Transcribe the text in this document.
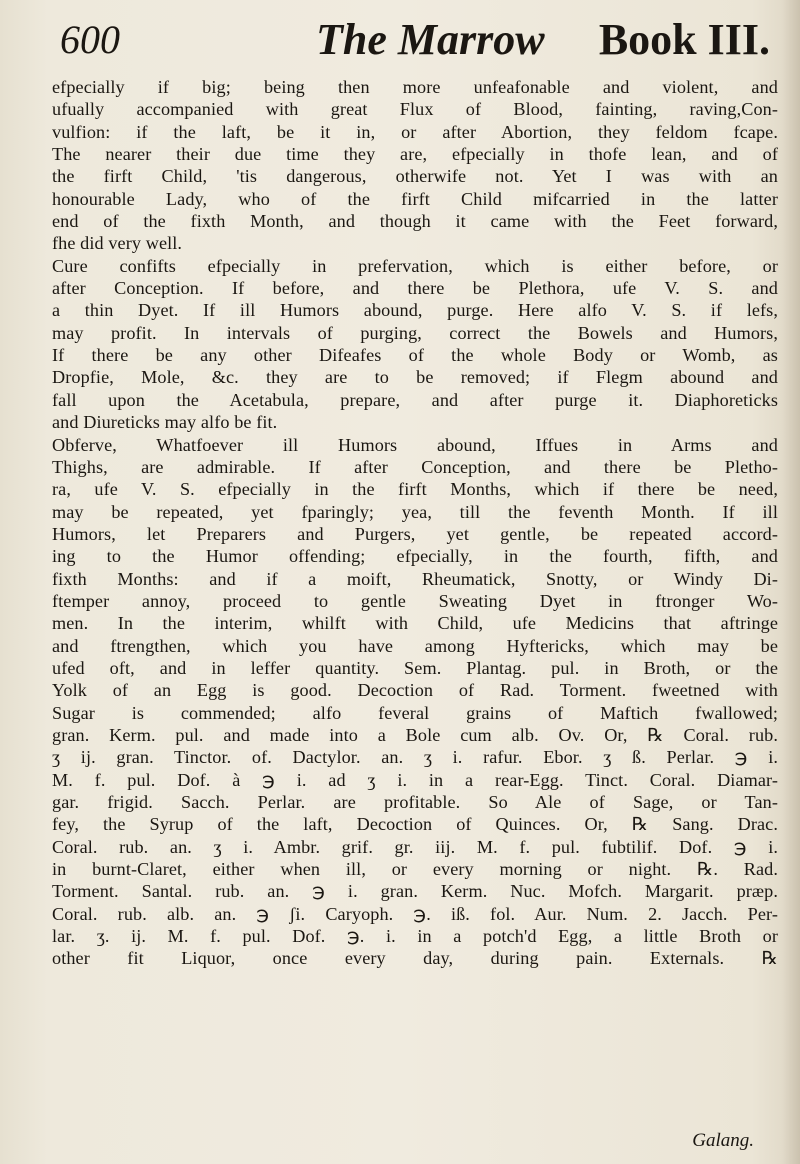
600	The Marrow Book III.
efpecially if big; being then more unfeafonable and violent, and
ufually accompanied with great Flux of Blood, fainting, raving,Con-
vulfion: if the laft, be it in, or after Abortion, they feldom fcape.
The nearer their due time they are, efpecially in thofe lean, and of
the firft Child, 'tis dangerous, otherwife not. Yet I was with an
honourable Lady, who of the firft Child mifcarried in the latter
end of the fixth Month, and though it came with the Feet forward,
fhe did very well.
Cure confifts efpecially in prefervation, which is either before, or
after Conception. If before, and there be Plethora, ufe V. S. and
a thin Dyet. If ill Humors abound, purge. Here alfo V. S. if lefs,
may profit. In intervals of purging, correct the Bowels and Humors,
If there be any other Difeafes of the whole Body or Womb, as
Dropfie, Mole, &c. they are to be removed; if Flegm abound and
fall upon the Acetabula, prepare, and after purge it. Diaphoreticks
and Diureticks may alfo be fit.
Obferve, Whatfoever ill Humors abound, Iffues in Arms and
Thighs, are admirable. If after Conception, and there be Pletho-
ra, ufe V. S. efpecially in the firft Months, which if there be need,
may be repeated, yet fparingly; yea, till the feventh Month. If ill
Humors, let Preparers and Purgers, yet gentle, be repeated accord-
ing to the Humor offending; efpecially, in the fourth, fifth, and
fixth Months: and if a moift, Rheumatick, Snotty, or Windy Di-
ftemper annoy, proceed to gentle Sweating Dyet in ftronger Wo-
men. In the interim, whilft with Child, ufe Medicins that aftringe
and ftrengthen, which you have among Hyftericks, which may be
ufed oft, and in leffer quantity. Sem. Plantag. pul. in Broth, or the
Yolk of an Egg is good. Decoction of Rad. Torment. fweetned with
Sugar is commended; alfo feveral grains of Maftich fwallowed;
gran. Kerm. pul. and made into a Bole cum alb. Ov. Or, ℞ Coral. rub.
ʒ ij. gran. Tinctor. of. Dactylor. an. ʒ i. rafur. Ebor. ʒ ß. Perlar. ℈ i.
M. f. pul. Dof. à ℈ i. ad ʒ i. in a rear-Egg. Tinct. Coral. Diamar-
gar. frigid. Sacch. Perlar. are profitable. So Ale of Sage, or Tan-
fey, the Syrup of the laft, Decoction of Quinces. Or, ℞ Sang. Drac.
Coral. rub. an. ʒ i. Ambr. grif. gr. iij. M. f. pul. fubtilif. Dof. ℈ i.
in burnt-Claret, either when ill, or every morning or night. ℞. Rad.
Torment. Santal. rub. an. ℈ i. gran. Kerm. Nuc. Mofch. Margarit. præp.
Coral. rub. alb. an. ℈ ʃi. Caryoph. ℈. iß. fol. Aur. Num. 2. Jacch. Per-
lar. ʒ. ij. M. f. pul. Dof. ℈. i. in a potch'd Egg, a little Broth or
other fit Liquor, once every day, during pain. Externals. ℞
Galang.
